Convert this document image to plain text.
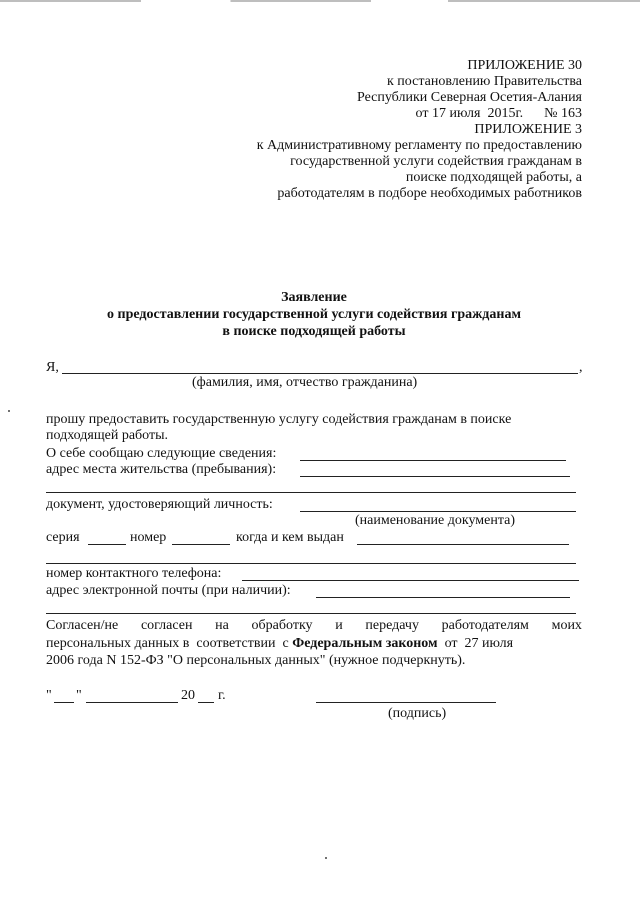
ПРИЛОЖЕНИЕ 30
к постановлению Правительства
Республики Северная Осетия-Алания
от 17 июля  2015г.      № 163
ПРИЛОЖЕНИЕ 3
к Административному регламенту по предоставлению
государственной услуги содействия гражданам в
поиске подходящей работы, а
работодателям в подборе необходимых работников
Заявление
о предоставлении государственной услуги содействия гражданам
в поиске подходящей работы
Я,	,
(фамилия, имя, отчество гражданина)
прошу предоставить государственную услугу содействия гражданам в поиске
подходящей работы.
О себе сообщаю следующие сведения:
адрес места жительства (пребывания):
документ, удостоверяющий личность:
(наименование документа)
серия	номер	когда и кем выдан
номер контактного телефона:
адрес электронной почты (при наличии):
Согласен/не согласен на обработку и передачу работодателям моих
персональных данных в  соответствии  с Федеральным законом  от  27 июля
2006 года N 152-ФЗ "О персональных данных" (нужное подчеркнуть).
" "	20 г.
(подпись)
